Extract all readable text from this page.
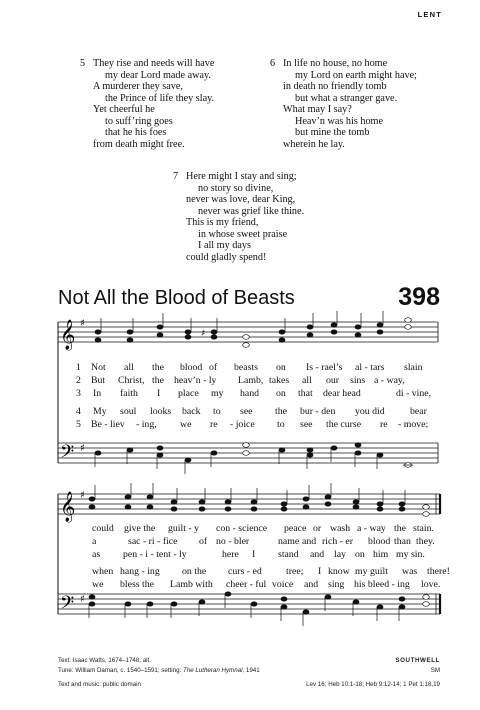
LENT
5 They rise and needs will have
my dear Lord made away.
A murderer they save,
the Prince of life they slay.
Yet cheerful he
to suff’ring goes
that he his foes
from death might free.
6 In life no house, no home
my Lord on earth might have;
in death no friendly tomb
but what a stranger gave.
What may I say?
Heav’n was his home
but mine the tomb
wherein he lay.
7 Here might I stay and sing;
no story so divine,
never was love, dear King,
never was grief like thine.
This is my friend,
in whose sweet praise
I all my days
could gladly spend!
Not All the Blood of Beasts	398
𝄞
𝄢
♯
♯
♯
1
2
3
4
5
Not all the blood of beasts on Is - rael’s al - tars slain
But Christ, the heav’n - ly Lamb, takes all our sins a - way,
In faith I place my hand on that dear head	di - vine,
My soul looks back to see the bur - den you did	bear
Be - liev - ing, we re - joice to see the curse re - move;
𝄞
𝄢
♯
♯
could give the guilt - y con - science peace or wash a - way the stain.
a	sac - ri - fice of no - bler	name and rich - er blood than they.
as pen - i - tent - ly	here I stand and lay on him my sin.
when hang - ing on the curs - ed tree; I know my guilt was there!
we bless the Lamb with cheer - ful voice and sing his bleed - ing love.
Text: Isaac Watts, 1674–1748, alt.
Tune: William Daman, c. 1540–1591; setting: The Lutheran Hymnal, 1941
Text and music: public domain
SOUTHWELL
SM
Lev 16; Heb 10:1-18; Heb 9:12-14; 1 Pet 1:18,19
